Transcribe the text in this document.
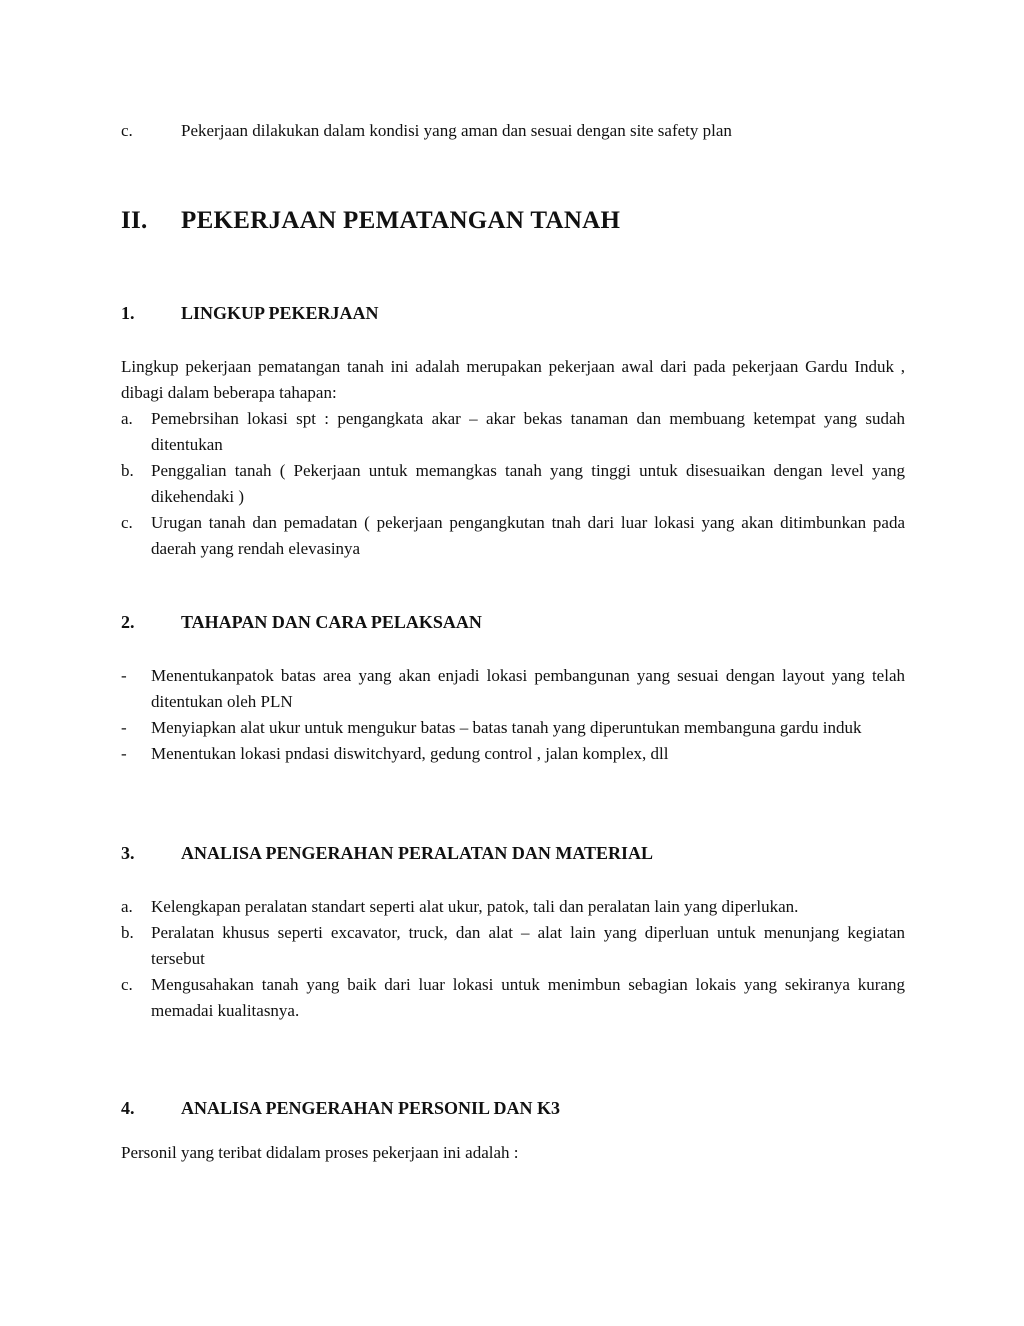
c.	Pekerjaan dilakukan dalam kondisi yang aman dan sesuai dengan site safety plan
II. PEKERJAAN PEMATANGAN TANAH
1.	LINGKUP PEKERJAAN

Lingkup pekerjaan pematangan tanah ini adalah merupakan pekerjaan awal dari pada pekerjaan Gardu Induk , dibagi dalam beberapa tahapan:

a. Pemebrsihan lokasi spt : pengangkata akar – akar bekas tanaman dan membuang ketempat yang sudah ditentukan
b. Penggalian tanah ( Pekerjaan untuk memangkas tanah yang tinggi untuk disesuaikan dengan level yang dikehendaki )
c. Urugan tanah dan pemadatan ( pekerjaan pengangkutan tnah dari luar lokasi yang akan ditimbunkan pada daerah yang rendah elevasinya
2.	TAHAPAN DAN CARA PELAKSAAN
- Menentukanpatok batas area yang akan enjadi lokasi pembangunan yang sesuai dengan layout yang telah ditentukan oleh PLN
- Menyiapkan alat ukur untuk mengukur batas – batas tanah yang diperuntukan membanguna gardu induk
- Menentukan lokasi pndasi diswitchyard, gedung control , jalan komplex, dll
3.	ANALISA PENGERAHAN PERALATAN DAN MATERIAL
a. Kelengkapan peralatan standart seperti alat ukur, patok, tali dan peralatan lain yang diperlukan.
b. Peralatan khusus seperti excavator, truck, dan alat – alat lain yang diperluan untuk menunjang kegiatan tersebut
c. Mengusahakan tanah yang baik dari luar lokasi untuk menimbun sebagian lokais yang sekiranya kurang memadai kualitasnya.
4.	ANALISA PENGERAHAN PERSONIL DAN K3

Personil yang teribat didalam proses pekerjaan ini adalah :
